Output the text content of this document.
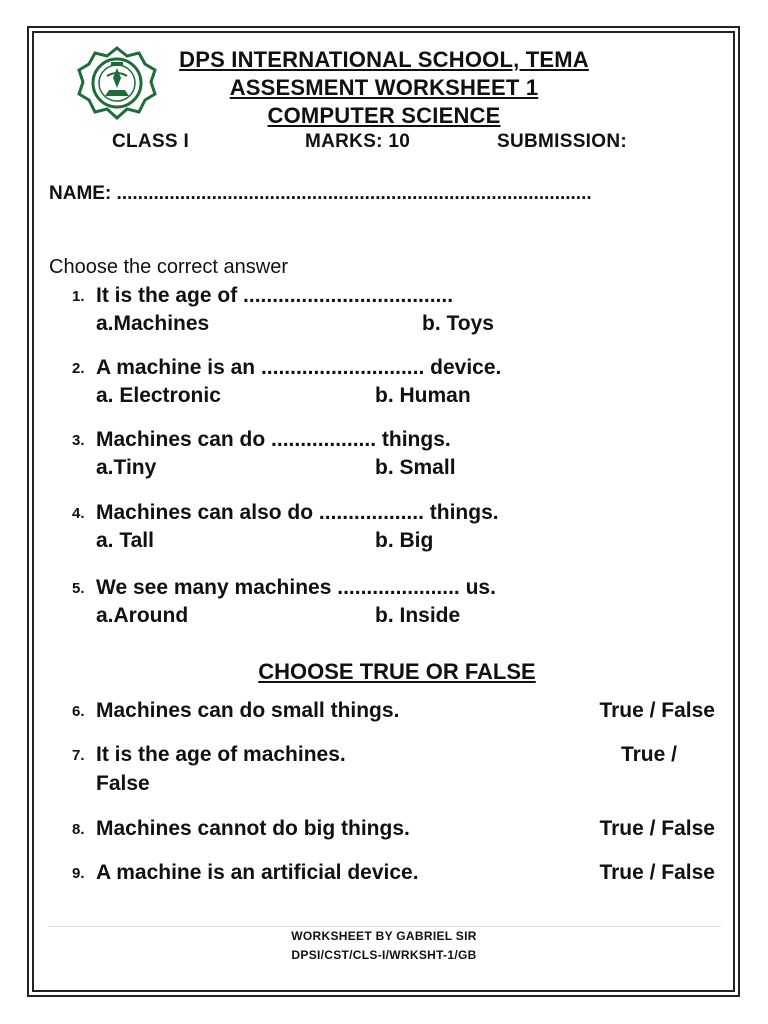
DPS INTERNATIONAL SCHOOL, TEMA
ASSESMENT WORKSHEET 1
COMPUTER SCIENCE
CLASS I	MARKS: 10	SUBMISSION:
NAME: ..........................................................................................
Choose the correct answer
1. It is the age of ....................................
a.Machines	b. Toys
2. A machine is an ............................ device.
a. Electronic	b. Human
3. Machines can do .................. things.
a.Tiny	b. Small
4. Machines can also do .................. things.
a. Tall	b. Big
5. We see many machines ..................... us.
a.Around	b. Inside
CHOOSE TRUE OR FALSE
6. Machines can do small things.	True / False
7. It is the age of machines.	True /
False
8. Machines cannot do big things.	True / False
9. A machine is an artificial device.	True / False
WORKSHEET BY GABRIEL SIR
DPSI/CST/CLS-I/WRKSHT-1/GB
